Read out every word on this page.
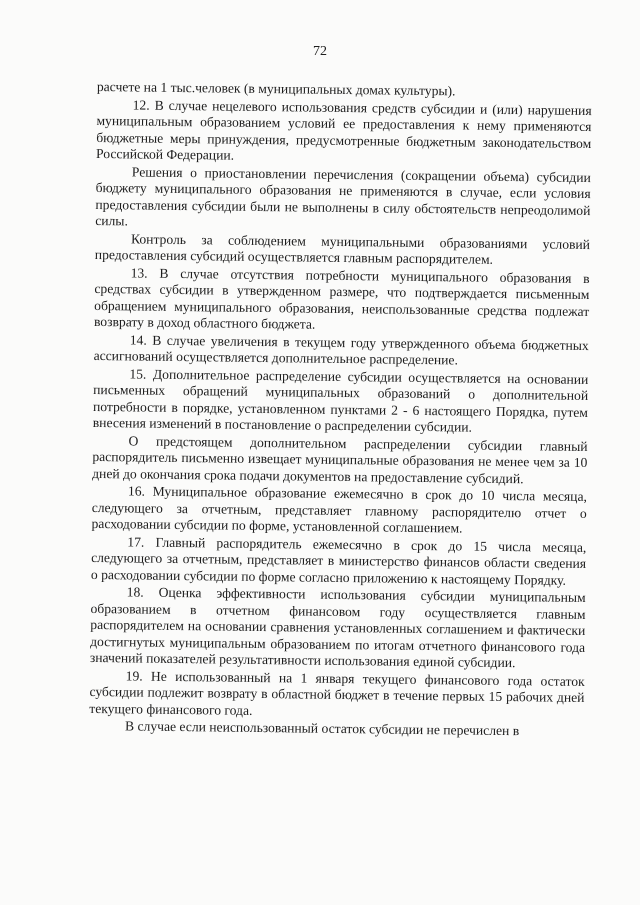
72

расчете на 1 тыс.человек (в муниципальных домах культуры).

12. В случае нецелевого использования средств субсидии и (или) нарушения муниципальным образованием условий ее предоставления к нему применяются бюджетные меры принуждения, предусмотренные бюджетным законодательством Российской Федерации.

Решения о приостановлении перечисления (сокращении объема) субсидии бюджету муниципального образования не применяются в случае, если условия предоставления субсидии были не выполнены в силу обстоятельств непреодолимой силы.

Контроль за соблюдением муниципальными образованиями условий предоставления субсидий осуществляется главным распорядителем.

13. В случае отсутствия потребности муниципального образования в средствах субсидии в утвержденном размере, что подтверждается письменным обращением муниципального образования, неиспользованные средства подлежат возврату в доход областного бюджета.

14. В случае увеличения в текущем году утвержденного объема бюджетных ассигнований осуществляется дополнительное распределение.

15. Дополнительное распределение субсидии осуществляется на основании письменных обращений муниципальных образований о дополнительной потребности в порядке, установленном пунктами 2 - 6 настоящего Порядка, путем внесения изменений в постановление о распределении субсидии.

О предстоящем дополнительном распределении субсидии главный распорядитель письменно извещает муниципальные образования не менее чем за 10 дней до окончания срока подачи документов на предоставление субсидий.

16. Муниципальное образование ежемесячно в срок до 10 числа месяца, следующего за отчетным, представляет главному распорядителю отчет о расходовании субсидии по форме, установленной соглашением.

17. Главный распорядитель ежемесячно в срок до 15 числа месяца, следующего за отчетным, представляет в министерство финансов области сведения о расходовании субсидии по форме согласно приложению к настоящему Порядку.

18. Оценка эффективности использования субсидии муниципальным образованием в отчетном финансовом году осуществляется главным распорядителем на основании сравнения установленных соглашением и фактически достигнутых муниципальным образованием по итогам отчетного финансового года значений показателей результативности использования единой субсидии.

19. Не использованный на 1 января текущего финансового года остаток субсидии подлежит возврату в областной бюджет в течение первых 15 рабочих дней текущего финансового года.

В случае если неиспользованный остаток субсидии не перечислен в
